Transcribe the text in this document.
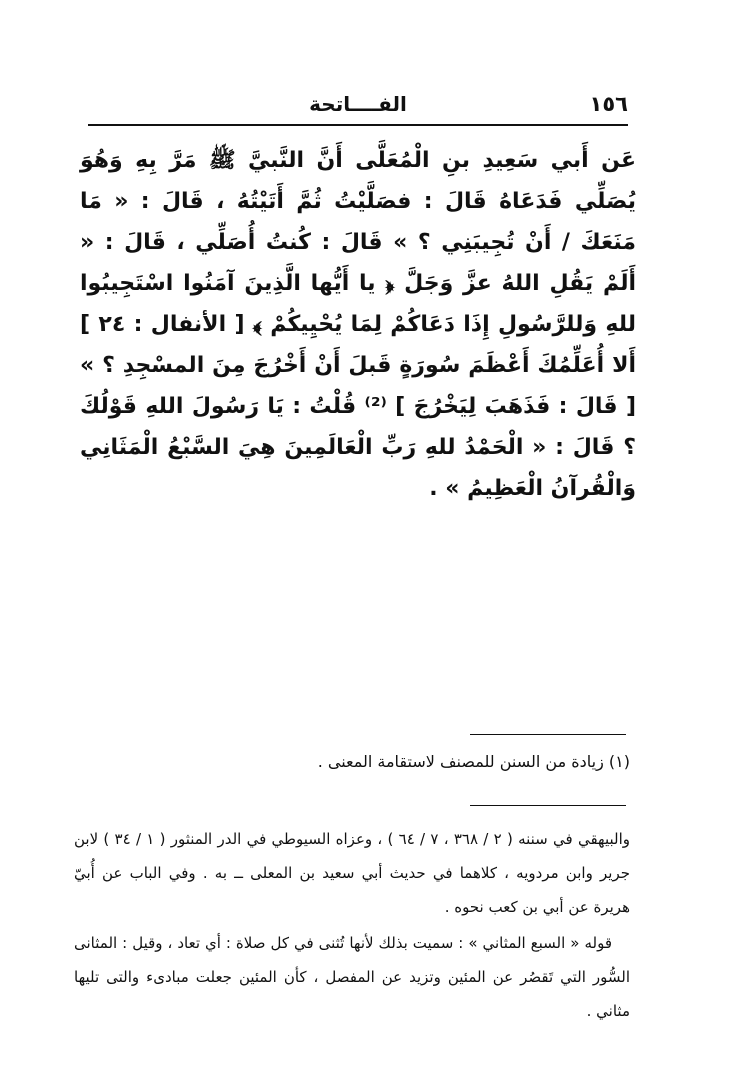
١٥٦
الفــــاتحة

عَن أَبي سَعِيدِ بنِ الْمُعَلَّى أَنَّ النَّبيَّ ﷺ مَرَّ بِهِ وَهُوَ يُصَلِّي فَدَعَاهُ قَالَ : فصَلَّيْتُ ثُمَّ أَتَيْتُهُ ، قَالَ : « مَا مَنَعَكَ / أَنْ تُجِيبَنِي ؟ » قَالَ : كُنتُ أُصَلِّي ، قَالَ : « أَلَمْ يَقُلِ اللهُ عزَّ وَجَلَّ ﴿ يا أَيُّها الَّذِينَ آمَنُوا اسْتَجِيبُوا للهِ وَللرَّسُولِ إِذَا دَعَاكُمْ لِمَا يُحْيِيكُمْ ﴾ [ الأنفال : ٢٤ ] أَلا أُعَلِّمُكَ أَعْظَمَ سُورَةٍ قَبلَ أَنْ أَخْرُجَ مِنَ المسْجِدِ ؟ » [ قَالَ : فَذَهَبَ لِيَخْرُجَ ] ⁽²⁾ قُلْتُ : يَا رَسُولَ اللهِ قَوْلُكَ ؟ قَالَ : « الْحَمْدُ للهِ رَبِّ الْعَالَمِينَ هِيَ السَّبْعُ الْمَثَانِي وَالْقُرآنُ الْعَظِيمُ » .

(١) زيادة من السنن للمصنف لاستقامة المعنى .

والبيهقي في سننه ( ٢ / ٣٦٨ ، ٧ / ٦٤ ) ، وعزاه السيوطي في الدر المنثور ( ١ / ٣٤ ) لابن جرير وابن مردويه ، كلاهما في حديث أبي سعيد بن المعلى ــ به . وفي الباب عن أُبيّ هريرة عن أبي بن كعب نحوه .

قوله « السبع المثاني » : سميت بذلك لأنها تُثنى في كل صلاة : أي تعاد ، وقيل : المثانى السُّور التي تَقصُر عن المئين وتزيد عن المفصل ، كأن المئين جعلت مبادىء والتى تليها مثاني .
